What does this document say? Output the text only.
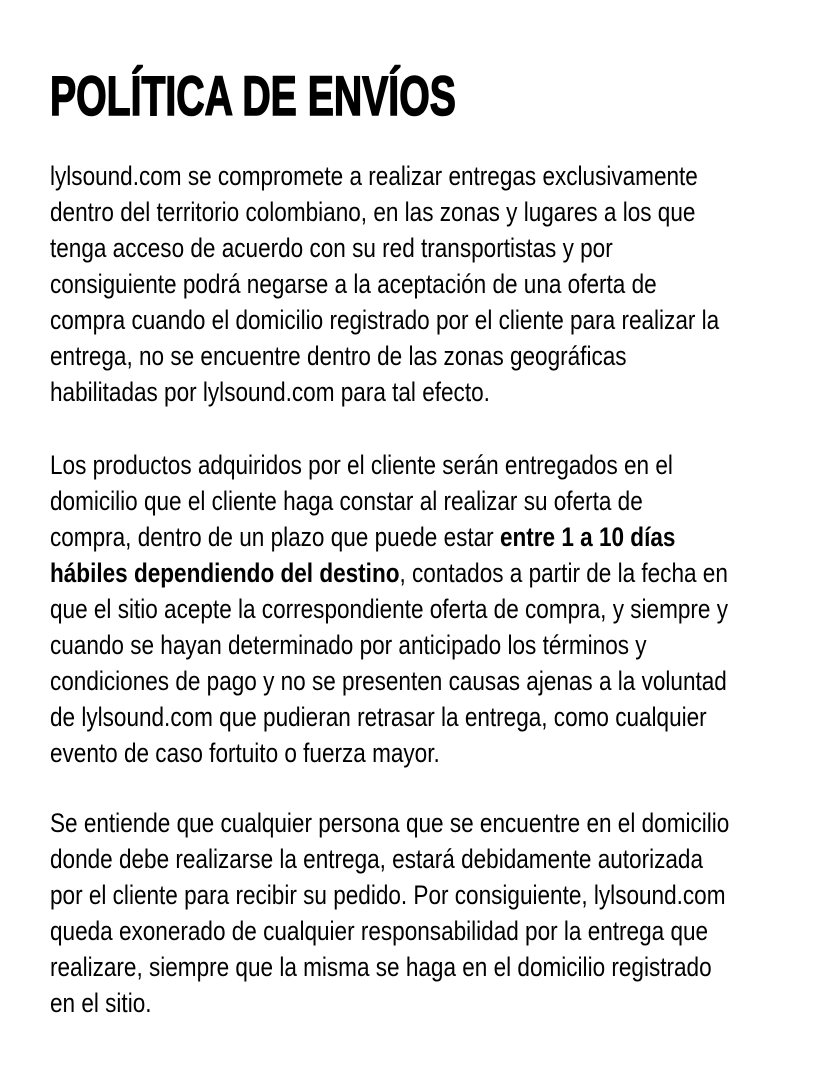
POLÍTICA DE ENVÍOS

lylsound.com se compromete a realizar entregas exclusivamente
dentro del territorio colombiano, en las zonas y lugares a los que
tenga acceso de acuerdo con su red transportistas y por
consiguiente podrá negarse a la aceptación de una oferta de
compra cuando el domicilio registrado por el cliente para realizar la
entrega, no se encuentre dentro de las zonas geográficas
habilitadas por lylsound.com para tal efecto.

Los productos adquiridos por el cliente serán entregados en el
domicilio que el cliente haga constar al realizar su oferta de
compra, dentro de un plazo que puede estar entre 1 a 10 días
hábiles dependiendo del destino, contados a partir de la fecha en
que el sitio acepte la correspondiente oferta de compra, y siempre y
cuando se hayan determinado por anticipado los términos y
condiciones de pago y no se presenten causas ajenas a la voluntad
de lylsound.com que pudieran retrasar la entrega, como cualquier
evento de caso fortuito o fuerza mayor.

Se entiende que cualquier persona que se encuentre en el domicilio
donde debe realizarse la entrega, estará debidamente autorizada
por el cliente para recibir su pedido. Por consiguiente, lylsound.com
queda exonerado de cualquier responsabilidad por la entrega que
realizare, siempre que la misma se haga en el domicilio registrado
en el sitio.
